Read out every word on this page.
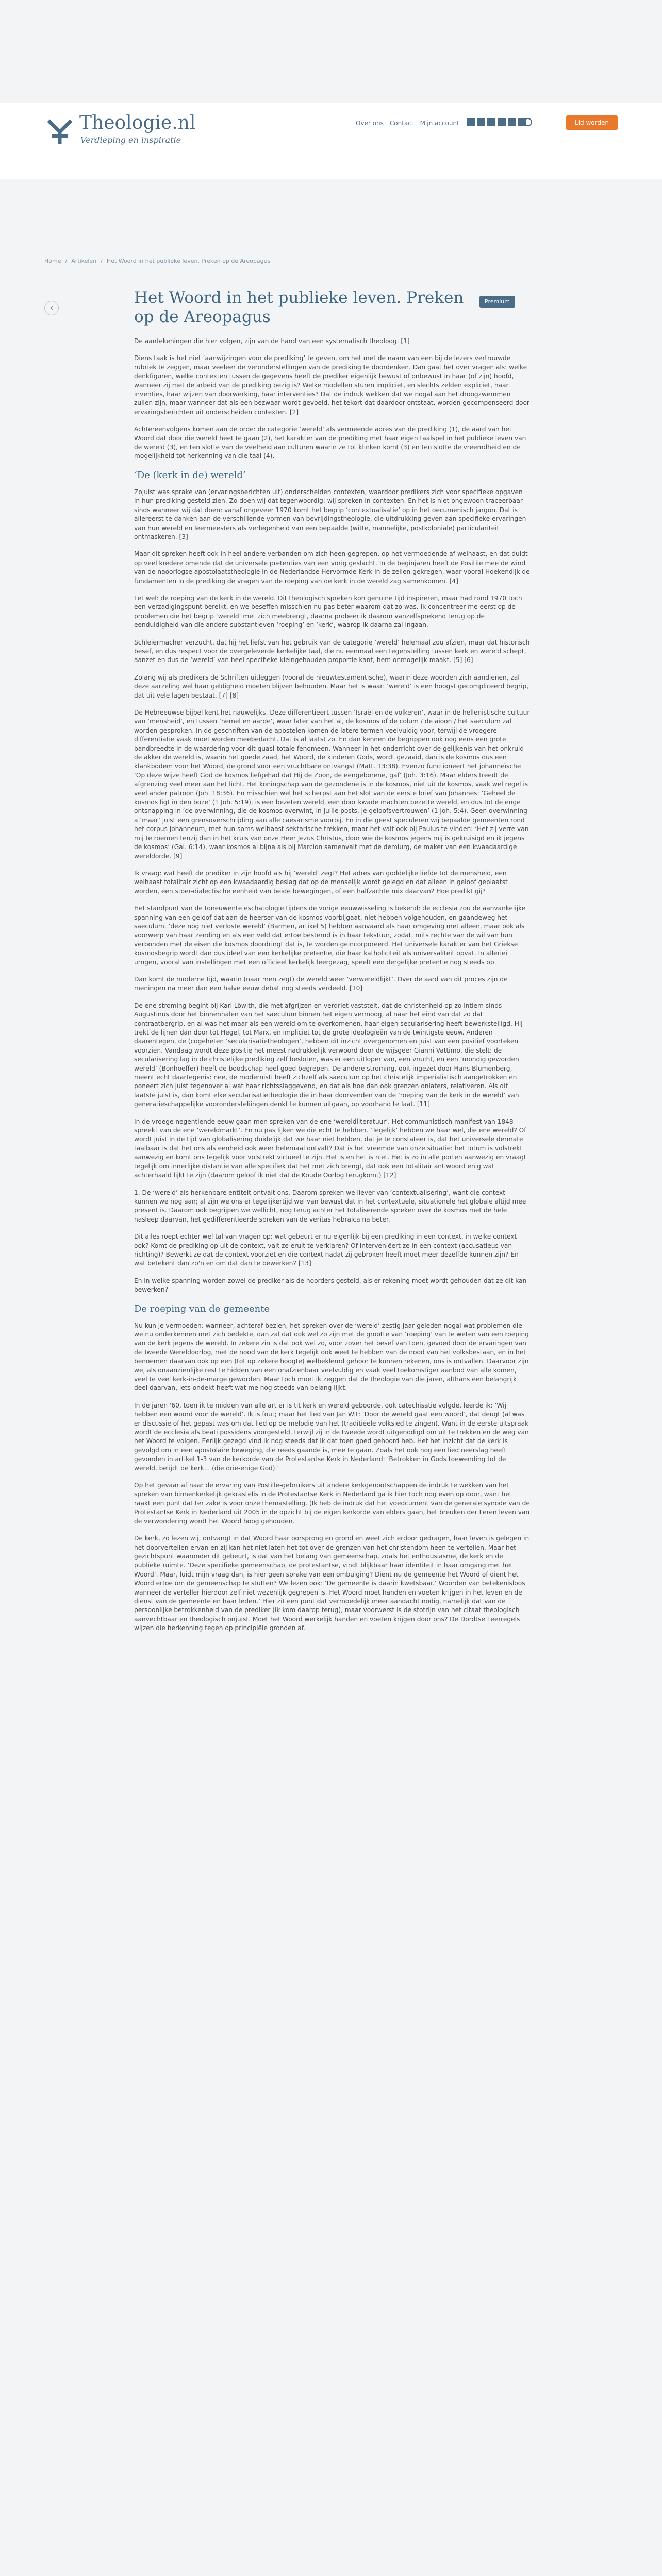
Theologie.nl
Verdieping en inspiratie
Over ons Contact Mijn account	Lid worden
Home / Artikelen / Het Woord in het publieke leven. Preken op de Areopagus
‹
Het Woord in het publieke leven. Preken op de Areopagus
Premium

De aantekeningen die hier volgen, zijn van de hand van een systematisch theoloog. [1]

Diens taak is het niet ‘aanwijzingen voor de prediking’ te geven, om het met de naam van een bij de lezers vertrouwde rubriek te zeggen, maar veeleer de veronderstellingen van de prediking te doordenken. Dan gaat het over vragen als: welke denkfiguren, welke contexten tussen de gegevens heeft de prediker eigenlijk bewust of onbewust in haar (of zijn) hoofd, wanneer zij met de arbeid van de prediking bezig is? Welke modellen sturen impliciet, en slechts zelden expliciet, haar inventies, haar wijzen van doorwerking, haar interventies? Dat de indruk wekken dat we nogal aan het droogzwemmen zullen zijn, maar wanneer dat als een bezwaar wordt gevoeld, het tekort dat daardoor ontstaat, worden gecompenseerd door ervaringsberichten uit onderscheiden contexten. [2]

Achtereenvolgens komen aan de orde: de categorie ‘wereld’ als vermeende adres van de prediking (1), de aard van het Woord dat door die wereld heet te gaan (2), het karakter van de prediking met haar eigen taalspel in het publieke leven van de wereld (3), en ten slotte van de veelheid aan culturen waarin ze tot klinken komt (3) en ten slotte de vreemdheid en de mogelijkheid tot herkenning van die taal (4).

‘De (kerk in de) wereld’

Zojuist was sprake van (ervaringsberichten uit) onderscheiden contexten, waardoor predikers zich voor specifieke opgaven in hun prediking gesteld zien. Zo doen wij dat tegenwoordig: wij spreken in contexten. En het is niet ongewoon traceerbaar sinds wanneer wij dat doen: vanaf ongeveer 1970 komt het begrip ‘contextualisatie’ op in het oecumenisch jargon. Dat is allereerst te danken aan de verschillende vormen van bevrijdingstheologie, die uitdrukking geven aan specifieke ervaringen van hun wereld en leermeesters als verlegenheid van een bepaalde (witte, mannelijke, postkoloniale) particulariteit ontmaskeren. [3]

Maar dit spreken heeft ook in heel andere verbanden om zich heen gegrepen, op het vermoedende af welhaast, en dat duidt op veel kredere omende dat de universele pretenties van een vorig geslacht. In de beginjaren heeft de Positiie mee de wind van de naoorlogse apostolaatstheologie in de Nederlandse Hervormde Kerk in de zeilen gekregen, waar vooral Hoekendijk de fundamenten in de prediking de vragen van de roeping van de kerk in de wereld zag samenkomen. [4]

Let wel: de roeping van de kerk in de wereld. Dit theologisch spreken kon genuine tijd inspireren, maar had rond 1970 toch een verzadigingspunt bereikt, en we beseffen misschien nu pas beter waarom dat zo was. Ik concentreer me eerst op de problemen die het begrip ‘wereld’ met zich meebrengt, daarna probeer ik daarom vanzelfsprekend terug op de eenduidigheid van die andere substantieven ‘roeping’ en ‘kerk’, waarop ik daarna zal ingaan.

Schleiermacher verzucht, dat hij het liefst van het gebruik van de categorie ‘wereld’ helemaal zou afzien, maar dat historisch besef, en dus respect voor de overgeleverde kerkelijke taal, die nu eenmaal een tegenstelling tussen kerk en wereld schept, aanzet en dus de ‘wereld’ van heel specifieke kleingehouden proportie kant, hem onmogelijk maakt. [5] [6]

Zolang wij als predikers de Schriften uitleggen (vooral de nieuwtestamentische), waarin deze woorden zich aandienen, zal deze aarzeling wel haar geldigheid moeten blijven behouden. Maar het is waar: ‘wereld’ is een hoogst gecompliceerd begrip, dat uit vele lagen bestaat. [7] [8]

De Hebreeuwse bijbel kent het nauwelijks. Deze differentieert tussen ‘Israël en de volkeren’, waar in de hellenistische cultuur van ‘mensheid’, en tussen ‘hemel en aarde’, waar later van het al, de kosmos of de colum / de aioon / het saeculum zal worden gesproken. In de geschriften van de apostelen komen de latere termen veelvuldig voor, terwijl de vroegere differentiatie vaak moet worden meebedacht. Dat is al laatst zo. En dan kennen de begrippen ook nog eens een grote bandbreedte in de waardering voor dit quasi-totale fenomeen. Wanneer in het onderricht over de gelijkenis van het onkruid de akker de wereld is, waarin het goede zaad, het Woord, de kinderen Gods, wordt gezaaid, dan is de kosmos dus een klankbodem voor het Woord, de grond voor een vruchtbare ontvangst (Matt. 13:38). Evenzo functioneert het johanneïsche ‘Op deze wijze heeft God de kosmos liefgehad dat Hij de Zoon, de eengeborene, gaf’ (Joh. 3:16). Maar elders treedt de afgrenzing veel meer aan het licht. Het koningschap van de gezondene is in de kosmos, niet uit de kosmos, vaak wel regel is veel ander patroon (Joh. 18:36). En misschien wel het scherpst aan het slot van de eerste brief van Johannes: ‘Geheel de kosmos ligt in den boze’ (1 Joh. 5:19), is een bezeten wereld, een door kwade machten bezette wereld, en dus tot de enge ontsnapping in ‘de overwinning, die de kosmos overwint, in jullie posts, je geloofsvertrouwen’ (1 Joh. 5:4). Geen overwinning a ‘maar’ juist een grensoverschrijding aan alle caesarisme voorbij. En in die geest speculeren wij bepaalde gemeenten rond het corpus johanneum, met hun soms welhaast sektarische trekken, maar het valt ook bij Paulus te vinden: ‘Het zij verre van mij te roemen tenzij dan in het kruis van onze Heer Jezus Christus, door wie de kosmos jegens mij is gekruisigd en ik jegens de kosmos’ (Gal. 6:14), waar kosmos al bijna als bij Marcion samenvalt met de demiurg, de maker van een kwaadaardige wereldorde. [9]

Ik vraag: wat heeft de prediker in zijn hoofd als hij ‘wereld’ zegt? Het adres van goddelijke liefde tot de mensheid, een welhaast totalitair zicht op een kwaadaardig beslag dat op de menselijk wordt gelegd en dat alleen in geloof geplaatst worden, een stoer-dialectische eenheid van beide bewegingen, of een halfzachte mix daarvan? Hoe predikt gij?

Het standpunt van de toneuwente eschatologie tijdens de vorige eeuwwisseling is bekend: de ecclesia zou de aanvankelijke spanning van een geloof dat aan de heerser van de kosmos voorbijgaat, niet hebben volgehouden, en gaandeweg het saeculum, ‘deze nog niet verloste wereld’ (Barmen, artikel 5) hebben aanvaard als haar omgeving met alleen, maar ook als voorwerp van haar zending en als een veld dat ertoe bestemd is in haar tekstuur, zodat, mits rechte van de wil van hun verbonden met de eisen die kosmos doordringt dat is, te worden geincorporeerd. Het universele karakter van het Griekse kosmosbegrip wordt dan dus ideel van een kerkelijke pretentie, die haar katholiciteit als universaliteit opvat. In alleriei urngen, vooral van instellingen met een officieel kerkelijk leergezag, speelt een dergelijke pretentie nog steeds op.

Dan komt de moderne tijd, waarin (naar men zegt) de wereld weer ‘verwereldlijkt’. Over de aard van dit proces zijn de meningen na meer dan een halve eeuw debat nog steeds verdeeld. [10]

De ene stroming begint bij Karl Löwith, die met afgrijzen en verdriet vaststelt, dat de christenheid op zo intiem sinds Augustinus door het binnenhalen van het saeculum binnen het eigen vermoog, al naar het eind van dat zo dat contraatbergrip, en al was het maar als een wereld om te overkomenen, haar eigen secularisering heeft bewerkstelligd. Hij trekt de lijnen dan door tot Hegel, tot Marx, en impliciet tot de grote ideologieën van de twintigste eeuw. Anderen daarentegen, de (cogeheten ‘secularisatietheologen’, hebben dit inzicht overgenomen en juist van een positief voorteken voorzien. Vandaag wordt deze positie het meest nadrukkelijk verwoord door de wijsgeer Gianni Vattimo, die stelt: de secularisering lag in de christelijke prediking zelf besloten, was er een uitloper van, een vrucht, en een ‘mondig geworden wereld’ (Bonhoeffer) heeft de boodschap heel goed begrepen. De andere stroming, ooit ingezet door Hans Blumenberg, meent echt daartegenis: nee, de modernisti heeft zichzelf als saeculum op het christelijk imperialistisch aangetrokken en poneert zich juist tegenover al wat haar richtsslaggevend, en dat als hoe dan ook grenzen onlaters, relativeren. Als dit laatste juist is, dan komt elke secularisatietheologie die in haar doorvenden van de ‘roeping van de kerk in de wereld’ van generatieschappelijke voorondersteliingen denkt te kunnen uitgaan, op voorhand te laat. [11]

In de vroege negentiende eeuw gaan men spreken van de ene ‘wereldliteratuur’. Het communistisch manifest van 1848 spreekt van de ene ‘wereldmarkt’. En nu pas lijken we die echt te hebben. ‘Tegelijk’ hebben we haar wel, die ene wereld? Of wordt juist in de tijd van globalisering duidelijk dat we haar niet hebben, dat je te constateer is, dat het universele dermate taalbaar is dat het ons als eenheid ook weer helemaal ontvalt? Dat is het vreemde van onze situatie: het totum is volstrekt aanwezig en komt ons tegelijk voor volstrekt virtueel te zijn. Het is en het is niet. Het is zo in alle porten aanwezig en vraagt tegelijk om innerlijke distantie van alle specifiek dat het met zich brengt, dat ook een totalitair antiwoord enig wat achterhaald lijkt te zijn (daarom geloof ik niet dat de Koude Oorlog terugkomt) [12]

1. De ‘wereld’ als herkenbare entiteit ontvalt ons. Daarom spreken we liever van ‘contextualisering’, want die context kunnen we nog aan; al zijn we ons er tegelijkertijd wel van bewust dat in het contextuele, situationele het globale altijd mee present is. Daarom ook begrijpen we wellicht, nog terug achter het totaliserende spreken over de kosmos met de hele nasleep daarvan, het gedifferentieerde spreken van de veritas hebraica na beter.

Dit alles roept echter wel tal van vragen op: wat gebeurt er nu eigenlijk bij een prediking in een context, in welke context ook? Komt de prediking op uit de context, valt ze eruit te verklaren? Of interveniëert ze in een context (accusatieus van richting)? Bewerkt ze dat de context voorziet en die context nadat zij gebroken heeft moet meer dezelfde kunnen zijn? En wat betekent dan zo'n en om dat dan te bewerken? [13]

En in welke spanning worden zowel de prediker als de hoorders gesteld, als er rekening moet wordt gehouden dat ze dit kan bewerken?

De roeping van de gemeente

Nu kun je vermoeden: wanneer, achteraf bezien, het spreken over de ‘wereld’ zestig jaar geleden nogal wat problemen die we nu onderkennen met zich bedekte, dan zal dat ook wel zo zijn met de grootte van ‘roeping’ van te weten van een roeping van de kerk jegens de wereld. In zekere zin is dat ook wel zo, voor zover het besef van toen, gevoed door de ervaringen van de Tweede Wereldoorlog, met de nood van de kerk tegelijk ook weet te hebben van de nood van het volksbestaan, en in het benoemen daarvan ook op een (tot op zekere hoogte) welbeklemd gehoor te kunnen rekenen, ons is ontvallen. Daarvoor zijn we, als onaanzienlijke rest te hidden van een onafzienbaar veelvuldig en vaak veel toekomstiger aanbod van alle komen, veel te veel kerk-in-de-marge geworden. Maar toch moet ik zeggen dat de theologie van die jaren, althans een belangrijk deel daarvan, iets ondekt heeft wat me nog steeds van belang lijkt.

In de jaren '60, toen ik te midden van alle art er is tit kerk en wereld geboorde, ook catechisatie volgde, leerde ik: ‘Wij hebben een woord voor de wereld’. Ik is fout; maar het lied van Jan Wit: ‘Door de wereld gaat een woord’, dat deugt (al was er discussie of het gepast was om dat lied op de melodie van het (traditieele volksied te zingen). Want in de eerste uitspraak wordt de ecclesia als beati possidens voorgesteld, terwijl zij in de tweede wordt uitgenodigd om uit te trekken en de weg van het Woord te volgen. Eerlijk gezegd vind ik nog steeds dat ik dat toen goed gehoord heb. Het het inzicht dat de kerk is gevolgd om in een apostolaire beweging, die reeds gaande is, mee te gaan. Zoals het ook nog een lied neerslag heeft gevonden in artikel 1-3 van de kerkorde van de Protestantse Kerk in Nederland: ‘Betrokken in Gods toewending tot de wereld, belijdt de kerk... (die drie-enige God).’

Op het gevaar af naar de ervaring van Postille-gebruikers uit andere kerkgenootschappen de indruk te wekken van het spreken van binnenkerkelijk gekrastelis in de Protestantse Kerk in Nederland ga ik hier toch nog even op door, want het raakt een punt dat ter zake is voor onze themastelling. (Ik heb de indruk dat het voedcument van de generale synode van de Protestantse Kerk in Nederland uit 2005 in de opzicht bij de eigen kerkorde van elders gaan, het breuken der Leren leven van de verwondering wordt het Woord hoog gehouden.

De kerk, zo lezen wij, ontvangt in dat Woord haar oorsprong en grond en weet zich erdoor gedragen, haar leven is gelegen in het doorvertellen ervan en zij kan het niet laten het tot over de grenzen van het christendom heen te vertellen. Maar het gezichtspunt waaronder dit gebeurt, is dat van het belang van gemeenschap, zoals het enthousiasme, de kerk en de publieke ruimte. ‘Deze specifieke gemeenschap, de protestantse, vindt blijkbaar haar identiteit in haar omgang met het Woord’. Maar, luidt mijn vraag dan, is hier geen sprake van een ombuiging? Dient nu de gemeente het Woord of dient het Woord ertoe om de gemeenschap te stutten? We lezen ook: ‘De gemeente is daarin kwetsbaar.’ Woorden van betekenisloos wanneer de verteller hierdoor zelf niet wezenlijk gegrepen is. Het Woord moet handen en voeten krijgen in het leven en de dienst van de gemeente en haar leden.’ Hier zit een punt dat vermoedelijk meer aandacht nodig, namelijk dat van de persoonlijke betrokkenheid van de prediker (ik kom daarop terug), maar voorwerst is de stotrijn van het citaat theologisch aanvechtbaar en theologisch onjuist. Moet het Woord werkelijk handen en voeten krijgen door ons? De Dordtse Leerregels wijzen die herkenning tegen op principiële gronden af.
